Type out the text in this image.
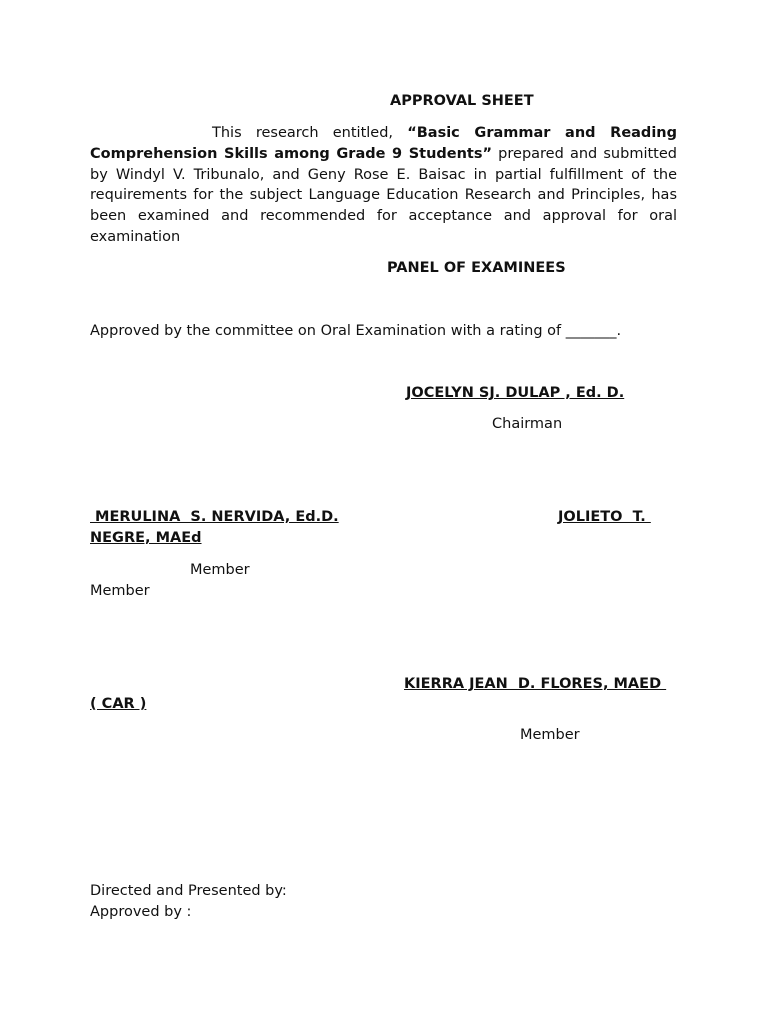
APPROVAL SHEET

This research entitled, “Basic Grammar and Reading Comprehension Skills among Grade 9 Students” prepared and submitted by Windyl V. Tribunalo, and Geny Rose E. Baisac in partial fulfillment of the requirements for the subject Language Education Research and Principles, has been examined and recommended for acceptance and approval for oral examination

PANEL OF EXAMINEES
Approved by the committee on Oral Examination with a rating of _______.
JOCELYN SJ. DULAP , Ed. D.
Chairman
MERULINA  S. NERVIDA, Ed.D.	JOLIETO  T.
NEGRE, MAEd
Member
Member
KIERRA JEAN  D. FLORES, MAED
( CAR )
Member
Directed and Presented by:
Approved by :
